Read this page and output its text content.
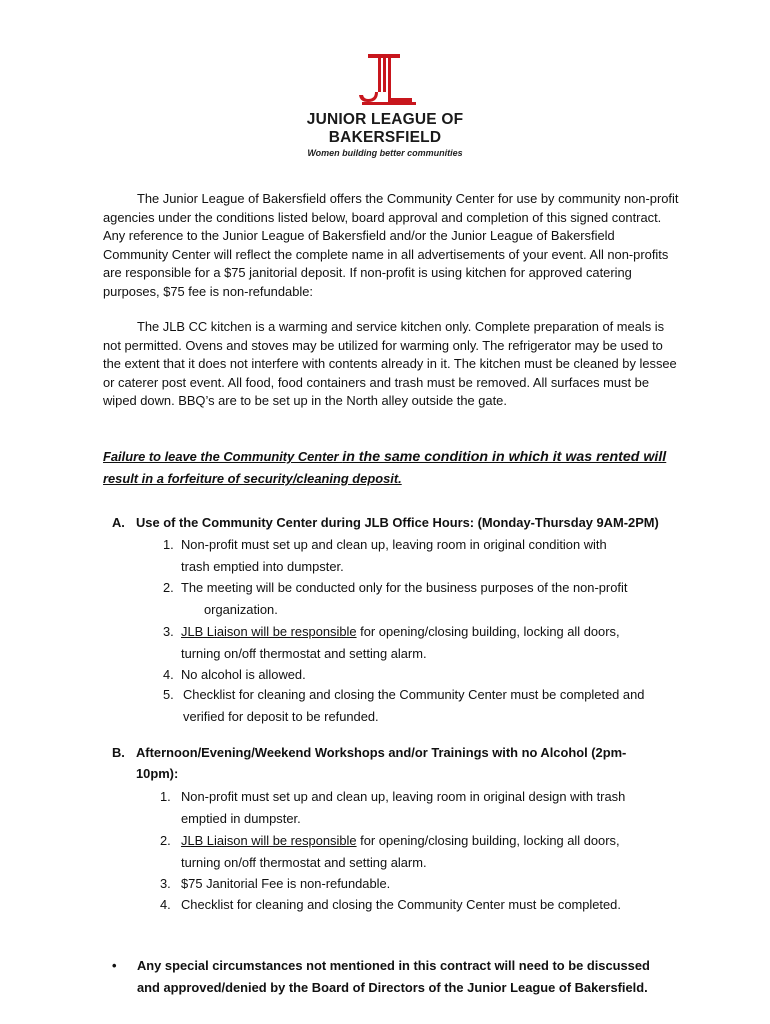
JUNIOR LEAGUE OF
BAKERSFIELD
Women building better communities

The Junior League of Bakersfield offers the Community Center for use by community non-profit agencies under the conditions listed below, board approval and completion of this signed contract. Any reference to the Junior League of Bakersfield and/or the Junior League of Bakersfield Community Center will reflect the complete name in all advertisements of your event. All non-profits are responsible for a $75 janitorial deposit. If non-profit is using kitchen for approved catering purposes, $75 fee is non-refundable:

The JLB CC kitchen is a warming and service kitchen only. Complete preparation of meals is not permitted. Ovens and stoves may be utilized for warming only. The refrigerator may be used to the extent that it does not interfere with contents already in it. The kitchen must be cleaned by lessee or caterer post event. All food, food containers and trash must be removed. All surfaces must be wiped down. BBQ’s are to be set up in the North alley outside the gate.

Failure to leave the Community Center in the same condition in which it was rented will
result in a forfeiture of security/cleaning deposit.

A. Use of the Community Center during JLB Office Hours: (Monday-Thursday 9AM-2PM)
1. Non-profit must set up and clean up, leaving room in original condition with
trash emptied into dumpster.
2. The meeting will be conducted only for the business purposes of the non-profit
organization.
3. JLB Liaison will be responsible for opening/closing building, locking all doors,
turning on/off thermostat and setting alarm.
4. No alcohol is allowed.
5. Checklist for cleaning and closing the Community Center must be completed and
verified for deposit to be refunded.
B. Afternoon/Evening/Weekend Workshops and/or Trainings with no Alcohol (2pm-
10pm):
1. Non-profit must set up and clean up, leaving room in original design with trash
emptied in dumpster.
2. JLB Liaison will be responsible for opening/closing building, locking all doors,
turning on/off thermostat and setting alarm.
3. $75 Janitorial Fee is non-refundable.
4. Checklist for cleaning and closing the Community Center must be completed.
• Any special circumstances not mentioned in this contract will need to be discussed
and approved/denied by the Board of Directors of the Junior League of Bakersfield.
